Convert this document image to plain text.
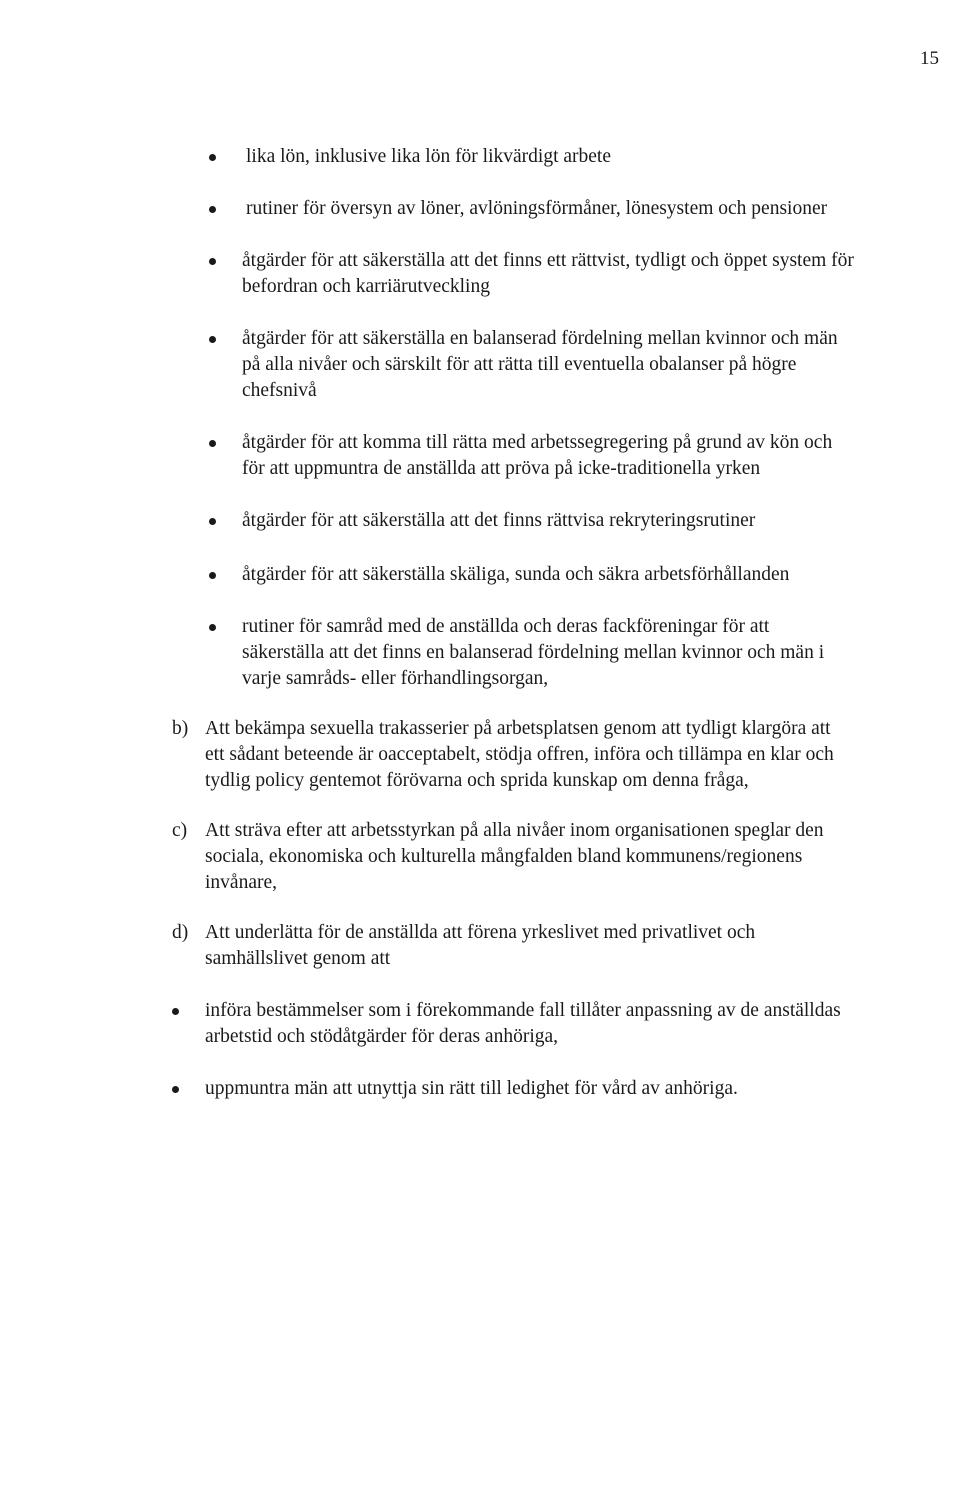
15

lika lön, inklusive lika lön för likvärdigt arbete

rutiner för översyn av löner, avlöningsförmåner, lönesystem och pensioner

åtgärder för att säkerställa att det finns ett rättvist, tydligt och öppet system för
befordran och karriärutveckling

åtgärder för att säkerställa en balanserad fördelning mellan kvinnor och män
på alla nivåer och särskilt för att rätta till eventuella obalanser på högre
chefsnivå

åtgärder för att komma till rätta med arbetssegregering på grund av kön och
för att uppmuntra de anställda att pröva på icke-traditionella yrken

åtgärder för att säkerställa att det finns rättvisa rekryteringsrutiner

åtgärder för att säkerställa skäliga, sunda och säkra arbetsförhållanden

rutiner för samråd med de anställda och deras fackföreningar för att
säkerställa att det finns en balanserad fördelning mellan kvinnor och män i
varje samråds- eller förhandlingsorgan,

b) Att bekämpa sexuella trakasserier på arbetsplatsen genom att tydligt klargöra att
ett sådant beteende är oacceptabelt, stödja offren, införa och tillämpa en klar och
tydlig policy gentemot förövarna och sprida kunskap om denna fråga,

c) Att sträva efter att arbetsstyrkan på alla nivåer inom organisationen speglar den
sociala, ekonomiska och kulturella mångfalden bland kommunens/regionens
invånare,

d) Att underlätta för de anställda att förena yrkeslivet med privatlivet och
samhällslivet genom att

införa bestämmelser som i förekommande fall tillåter anpassning av de anställdas
arbetstid och stödåtgärder för deras anhöriga,

uppmuntra män att utnyttja sin rätt till ledighet för vård av anhöriga.
